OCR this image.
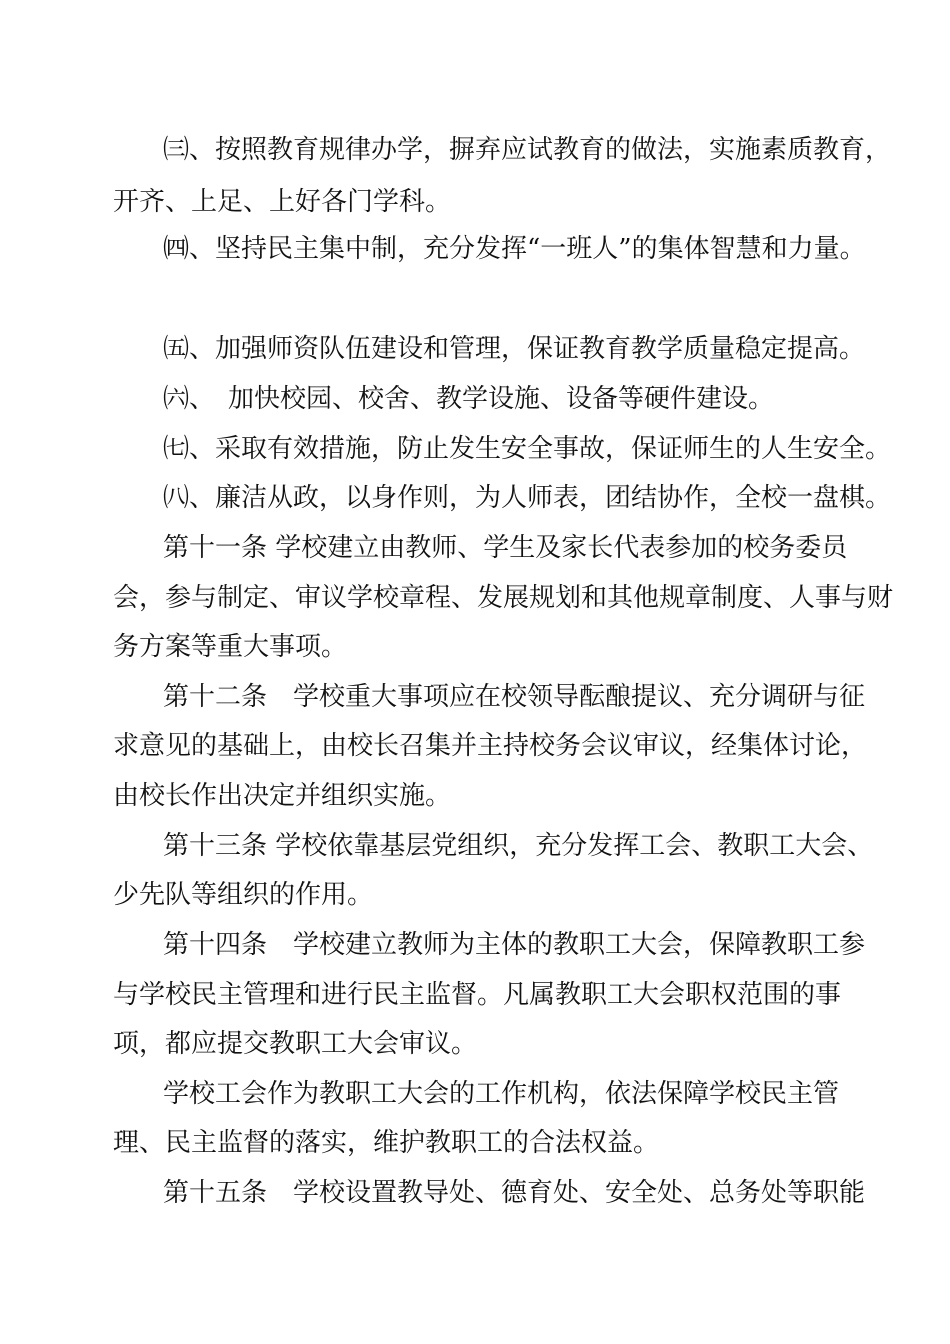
㈢、按照教育规律办学，摒弃应试教育的做法，实施素质教育，
开齐、上足、上好各门学科。
㈣、坚持民主集中制，充分发挥“一班人”的集体智慧和力量。
㈤、加强师资队伍建设和管理，保证教育教学质量稳定提高。
㈥、　加快校园、校舍、教学设施、设备等硬件建设。
㈦、采取有效措施，防止发生安全事故，保证师生的人生安全。
㈧、廉洁从政，以身作则，为人师表，团结协作，全校一盘棋。
第十一条 学校建立由教师、学生及家长代表参加的校务委员
会，参与制定、审议学校章程、发展规划和其他规章制度、人事与财
务方案等重大事项。
第十二条　学校重大事项应在校领导酝酿提议、充分调研与征
求意见的基础上，由校长召集并主持校务会议审议，经集体讨论，
由校长作出决定并组织实施。
第十三条 学校依靠基层党组织，充分发挥工会、教职工大会、
少先队等组织的作用。
第十四条　学校建立教师为主体的教职工大会，保障教职工参
与学校民主管理和进行民主监督。凡属教职工大会职权范围的事
项，都应提交教职工大会审议。
学校工会作为教职工大会的工作机构，依法保障学校民主管
理、民主监督的落实，维护教职工的合法权益。
第十五条　学校设置教导处、德育处、安全处、总务处等职能
